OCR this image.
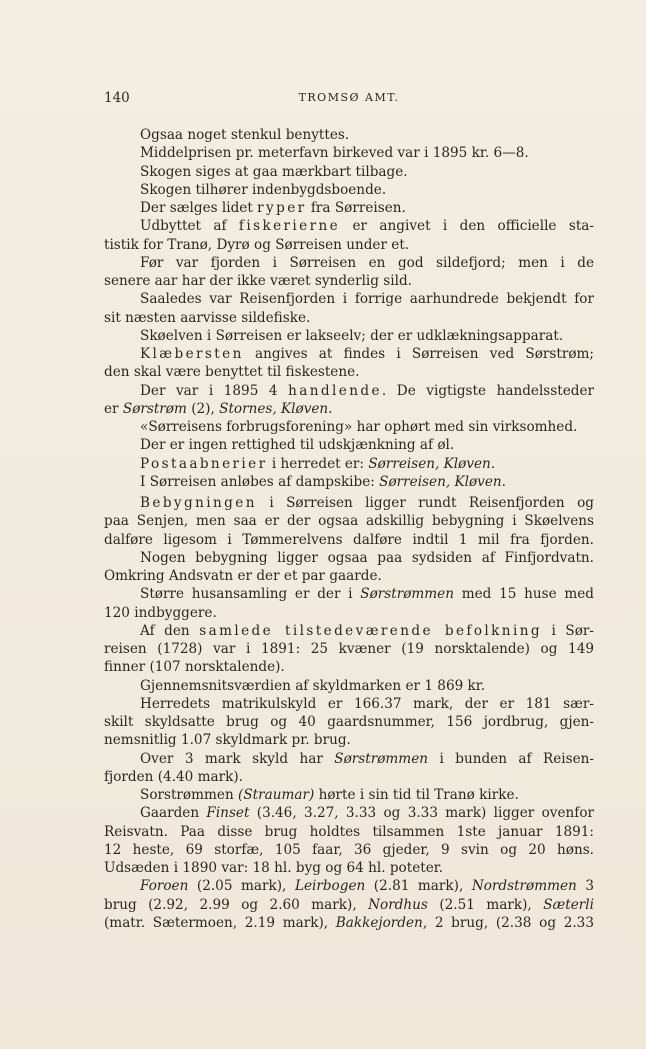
140	TROMSØ AMT.
Ogsaa noget stenkul benyttes.
Middelprisen pr. meterfavn birkeved var i 1895 kr. 6—8.
Skogen siges at gaa mærkbart tilbage.
Skogen tilhører indenbygdsboende.
Der sælges lidet ryper fra Sørreisen.
Udbyttet af fiskerierne er angivet i den officielle sta-
tistik for Tranø, Dyrø og Sørreisen under et.
Før var fjorden i Sørreisen en god sildefjord; men i de
senere aar har der ikke været synderlig sild.
Saaledes var Reisenfjorden i forrige aarhundrede bekjendt for
sit næsten aarvisse sildefiske.
Skøelven i Sørreisen er lakseelv; der er udklækningsapparat.
Klæbersten angives at findes i Sørreisen ved Sørstrøm;
den skal være benyttet til fiskestene.
Der var i 1895 4 handlende. De vigtigste handelssteder
er Sørstrøm (2), Stornes, Kløven.
«Sørreisens forbrugsforening» har ophørt med sin virksomhed.
Der er ingen rettighed til udskjænkning af øl.
Postaabnerier i herredet er: Sørreisen, Kløven.
I Sørreisen anløbes af dampskibe: Sørreisen, Kløven.
Bebygningen i Sørreisen ligger rundt Reisenfjorden og
paa Senjen, men saa er der ogsaa adskillig bebygning i Skøelvens
dalføre ligesom i Tømmerelvens dalføre indtil 1 mil fra fjorden.
Nogen bebygning ligger ogsaa paa sydsiden af Finfjordvatn.
Omkring Andsvatn er der et par gaarde.
Større husansamling er der i Sørstrømmen med 15 huse med
120 indbyggere.
Af den samlede tilstedeværende befolkning i Sør-
reisen (1728) var i 1891: 25 kvæner (19 norsktalende) og 149
finner (107 norsktalende).
Gjennemsnitsværdien af skyldmarken er 1 869 kr.
Herredets matrikulskyld er 166.37 mark, der er 181 sær-
skilt skyldsatte brug og 40 gaardsnummer, 156 jordbrug, gjen-
nemsnitlig 1.07 skyldmark pr. brug.
Over 3 mark skyld har Sørstrømmen i bunden af Reisen-
fjorden (4.40 mark).
Sorstrømmen (Straumar) hørte i sin tid til Tranø kirke.
Gaarden Finset (3.46, 3.27, 3.33 og 3.33 mark) ligger ovenfor
Reisvatn. Paa disse brug holdtes tilsammen 1ste januar 1891:
12 heste, 69 storfæ, 105 faar, 36 gjeder, 9 svin og 20 høns.
Udsæden i 1890 var: 18 hl. byg og 64 hl. poteter.
Foroen (2.05 mark), Leirbogen (2.81 mark), Nordstrømmen 3
brug (2.92, 2.99 og 2.60 mark), Nordhus (2.51 mark), Sæterli
(matr. Sætermoen, 2.19 mark), Bakkejorden, 2 brug, (2.38 og 2.33
